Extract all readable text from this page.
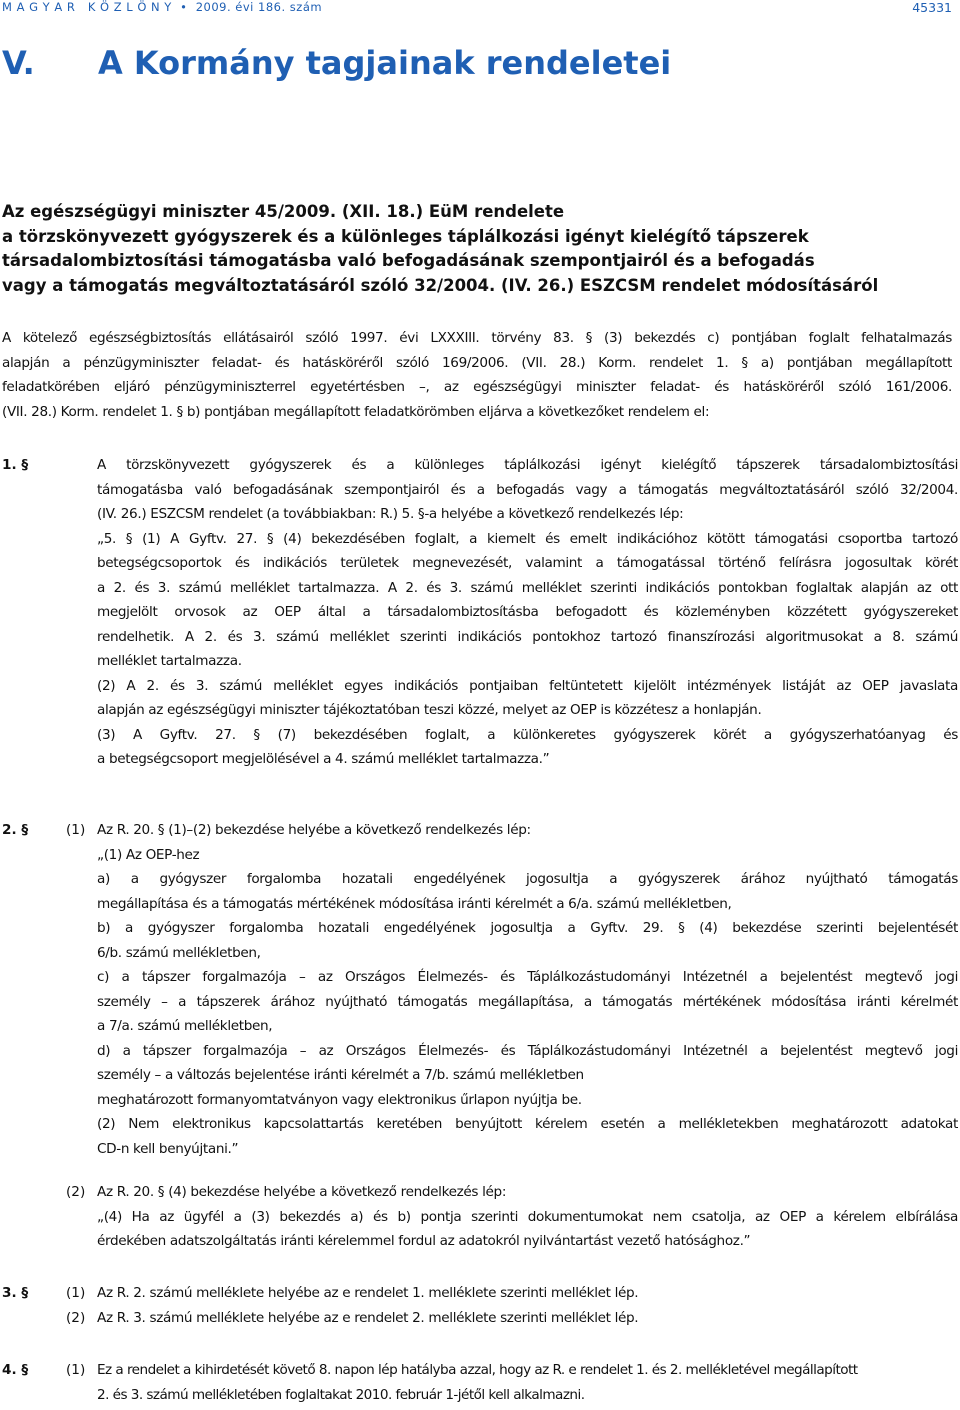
M A G Y A R   K Ö Z L Ö N Y  •  2009. évi 186. szám	45331
V. A Kormány tagjainak rendeletei
Az egészségügyi miniszter 45/2009. (XII. 18.) EüM rendelete
a törzskönyvezett gyógyszerek és a különleges táplálkozási igényt kielégítő tápszerek
társadalombiztosítási támogatásba való befogadásának szempontjairól és a befogadás
vagy a támogatás megváltoztatásáról szóló 32/2004. (IV. 26.) ESZCSM rendelet módosításáról
A kötelező egészségbiztosítás ellátásairól szóló 1997. évi LXXXIII. törvény 83. § (3) bekezdés c) pontjában foglalt felhatalmazás
alapján a pénzügyminiszter feladat- és hatásköréről szóló 169/2006. (VII. 28.) Korm. rendelet 1. § a) pontjában megállapított
feladatkörében eljáró pénzügyminiszterrel egyetértésben –, az egészségügyi miniszter feladat- és hatásköréről szóló 161/2006.
(VII. 28.) Korm. rendelet 1. § b) pontjában megállapított feladatkörömben eljárva a következőket rendelem el:
1. §	A törzskönyvezett gyógyszerek és a különleges táplálkozási igényt kielégítő tápszerek társadalombiztosítási
támogatásba való befogadásának szempontjairól és a befogadás vagy a támogatás megváltoztatásáról szóló 32/2004.
(IV. 26.) ESZCSM rendelet (a továbbiakban: R.) 5. §-a helyébe a következő rendelkezés lép:
„5. § (1) A Gyftv. 27. § (4) bekezdésében foglalt, a kiemelt és emelt indikációhoz kötött támogatási csoportba tartozó
betegségcsoportok és indikációs területek megnevezését, valamint a támogatással történő felírásra jogosultak körét
a 2. és 3. számú melléklet tartalmazza. A 2. és 3. számú melléklet szerinti indikációs pontokban foglaltak alapján az ott
megjelölt orvosok az OEP által a társadalombiztosításba befogadott és közleményben közzétett gyógyszereket
rendelhetik. A 2. és 3. számú melléklet szerinti indikációs pontokhoz tartozó finanszírozási algoritmusokat a 8. számú
melléklet tartalmazza.
(2) A 2. és 3. számú melléklet egyes indikációs pontjaiban feltüntetett kijelölt intézmények listáját az OEP javaslata
alapján az egészségügyi miniszter tájékoztatóban teszi közzé, melyet az OEP is közzétesz a honlapján.
(3) A Gyftv. 27. § (7) bekezdésében foglalt, a különkeretes gyógyszerek körét a gyógyszerhatóanyag és
a betegségcsoport megjelölésével a 4. számú melléklet tartalmazza.”
2. §	(1) Az R. 20. § (1)–(2) bekezdése helyébe a következő rendelkezés lép:
„(1) Az OEP-hez
a) a gyógyszer forgalomba hozatali engedélyének jogosultja a gyógyszerek árához nyújtható támogatás
megállapítása és a támogatás mértékének módosítása iránti kérelmét a 6/a. számú mellékletben,
b) a gyógyszer forgalomba hozatali engedélyének jogosultja a Gyftv. 29. § (4) bekezdése szerinti bejelentését
6/b. számú mellékletben,
c) a tápszer forgalmazója – az Országos Élelmezés- és Táplálkozástudományi Intézetnél a bejelentést megtevő jogi
személy – a tápszerek árához nyújtható támogatás megállapítása, a támogatás mértékének módosítása iránti kérelmét
a 7/a. számú mellékletben,
d) a tápszer forgalmazója – az Országos Élelmezés- és Táplálkozástudományi Intézetnél a bejelentést megtevő jogi
személy – a változás bejelentése iránti kérelmét a 7/b. számú mellékletben
meghatározott formanyomtatványon vagy elektronikus űrlapon nyújtja be.
(2) Nem elektronikus kapcsolattartás keretében benyújtott kérelem esetén a mellékletekben meghatározott adatokat
CD-n kell benyújtani.”
(2) Az R. 20. § (4) bekezdése helyébe a következő rendelkezés lép:
„(4) Ha az ügyfél a (3) bekezdés a) és b) pontja szerinti dokumentumokat nem csatolja, az OEP a kérelem elbírálása
érdekében adatszolgáltatás iránti kérelemmel fordul az adatokról nyilvántartást vezető hatósághoz.”
3. §	(1) Az R. 2. számú melléklete helyébe az e rendelet 1. melléklete szerinti melléklet lép.
(2) Az R. 3. számú melléklete helyébe az e rendelet 2. melléklete szerinti melléklet lép.
4. §	(1) Ez a rendelet a kihirdetését követő 8. napon lép hatályba azzal, hogy az R. e rendelet 1. és 2. mellékletével megállapított
2. és 3. számú mellékletében foglaltakat 2010. február 1-jétől kell alkalmazni.
